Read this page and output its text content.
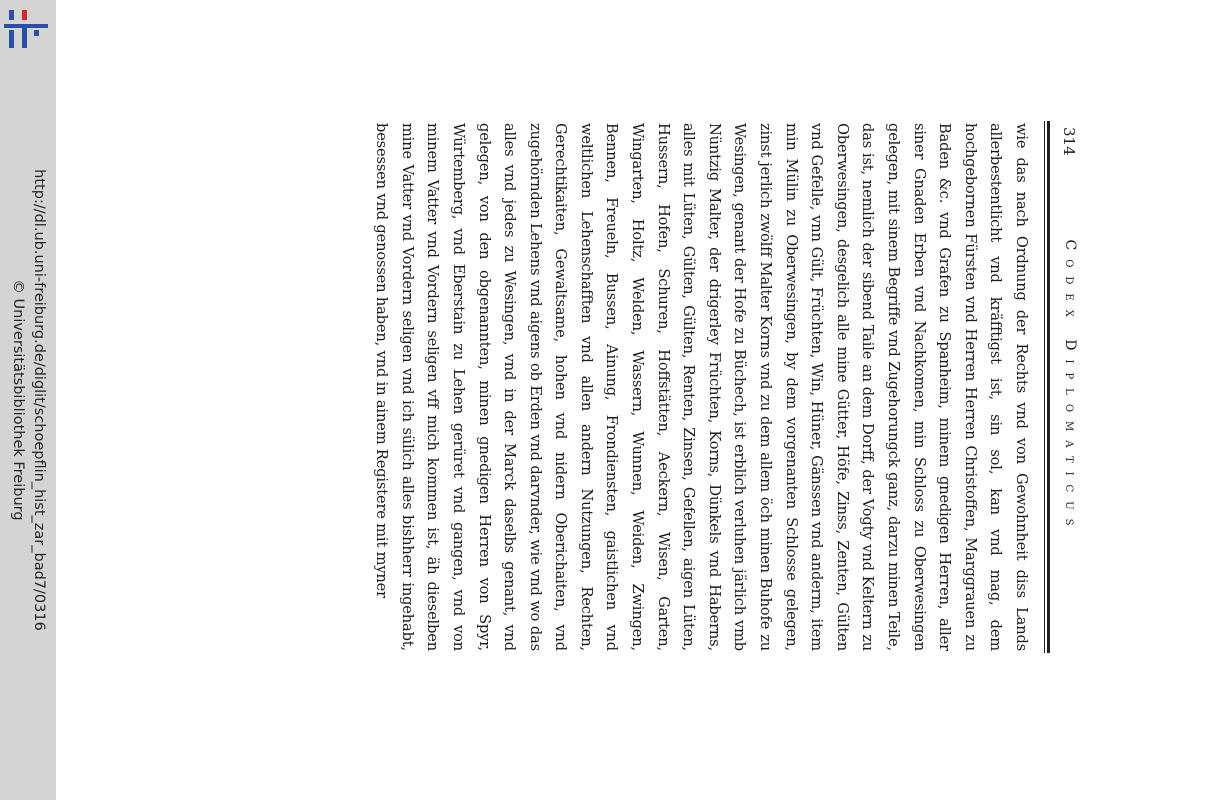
http://dl.ub.uni-freiburg.de/diglit/schoepflin_hist_zar_bad7/0316
© Universitätsbibliothek Freiburg
314
Codex Diplomaticus

wie das nach Ordnung der Rechts vnd von Gewohnheit diss Lands allerbestentlicht vnd kräfftigst ist, sin sol, kan vnd mag, dem hochgebornen Fürsten vnd Herren Herren Christoffen, Marggrauen zu Baden &c. vnd Grafen zu Spanheim, minem gnedigen Herren, aller siner Gnaden Erben vnd Nachkomen, min Schloss zu Oberwesingen gelegen, mit sinem Begriffe vnd Zugehorungck ganz, darzu minen Teile, das ist, nemlich der sibend Taile an dem Dorff, der Vogty vnd Keltern zu Oberwesingen, desgelich alle mine Gütter, Höfe, Zinss, Zenten, Gülten vnd Gefelle, vnn Gült, Früchten, Win, Hüner, Gänssen vnd anderm, item min Mülin zu Oberwesingen, by dem vorgenanten Schlosse gelegen, zinst jerlich zwölff Malter Korns vnd zu dem allem öch minen Buhofe zu Wesingen, genant der Hofe zu Büchech, ist erblich verluhen järlich vmb Nüntzig Malter, der drigerley Früchten, Korns, Dünkels vnd Haberns, alles mit Lüten, Gülten, Gülten, Renten, Zinsen, Gefellen, aigen Lüten, Hussern, Hofen, Schuren, Hoffstätten, Aeckern, Wisen, Garten, Wingarten, Holtz, Welden, Wassern, Wunnen, Weiden, Zwingen, Bennen, Freueln, Bussen, Ainung, Frondiensten, gaistlichen vnd weltlichen Lehenschafften vnd allen andern Nutzungen, Rechten, Gerechtikaiten, Gewaltsame, hohen vnd nidern Oberichaiten, vnd zugehörnden Lehens vnd aigens ob Erden vnd darvnder, wie vnd wo das alles vnd jedes zu Wesingen, vnd in der Marck daselbs genant, vnd gelegen, von den obgenannten, minen gnedigen Herren von Spyr, Würtemberg, vnd Eberstain zu Lehen gerüret vnd gangen, vnd von minem Vatter vnd Vordern seligen vff mich kommen ist, äh dieselben mine Vatter vnd Vordern seligen vnd ich sülich alles bishherr ingehabt, besessen vnd genossen haben, vnd in ainem Registere mit myner
